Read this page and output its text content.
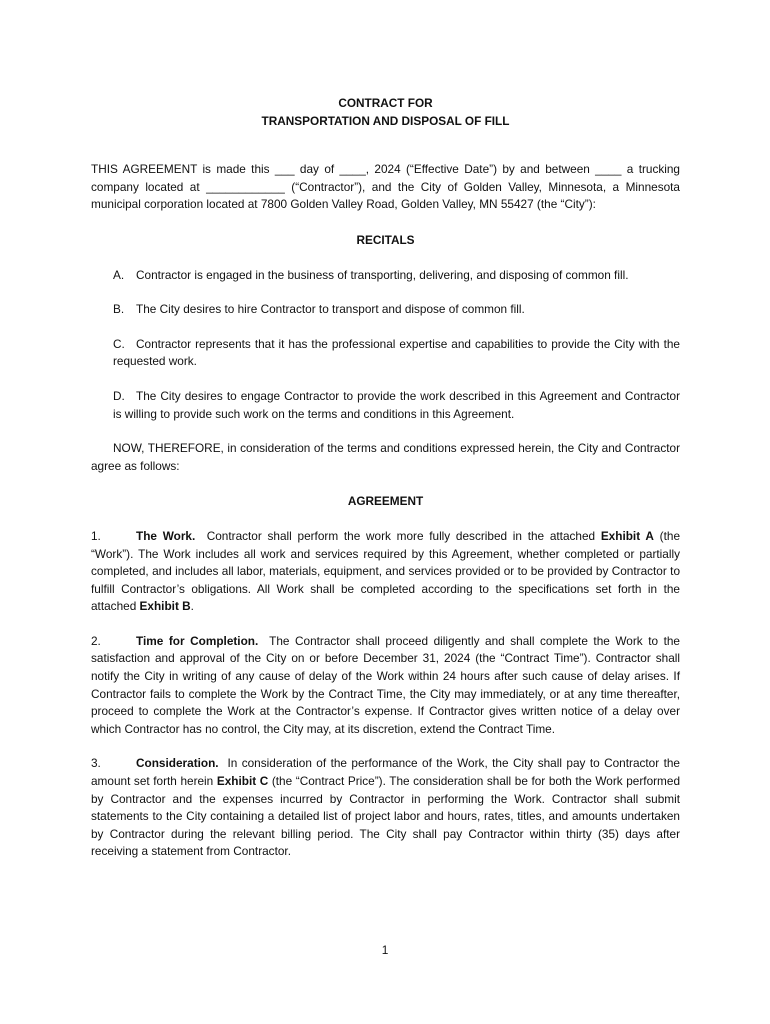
CONTRACT FOR
TRANSPORTATION AND DISPOSAL OF FILL

THIS AGREEMENT is made this ___ day of ____, 2024 (“Effective Date”) by and between ____ a trucking company located at ____________ (“Contractor”), and the City of Golden Valley, Minnesota, a Minnesota municipal corporation located at 7800 Golden Valley Road, Golden Valley, MN 55427 (the “City”):

RECITALS
A. Contractor is engaged in the business of transporting, delivering, and disposing of common fill.
B. The City desires to hire Contractor to transport and dispose of common fill.
C. Contractor represents that it has the professional expertise and capabilities to provide the City with the requested work.
D. The City desires to engage Contractor to provide the work described in this Agreement and Contractor is willing to provide such work on the terms and conditions in this Agreement.
NOW, THEREFORE, in consideration of the terms and conditions expressed herein, the City and Contractor agree as follows:
AGREEMENT
1.	The Work. Contractor shall perform the work more fully described in the attached Exhibit A (the “Work”). The Work includes all work and services required by this Agreement, whether completed or partially completed, and includes all labor, materials, equipment, and services provided or to be provided by Contractor to fulfill Contractor’s obligations. All Work shall be completed according to the specifications set forth in the attached Exhibit B.
2.	Time for Completion. The Contractor shall proceed diligently and shall complete the Work to the satisfaction and approval of the City on or before December 31, 2024 (the “Contract Time”). Contractor shall notify the City in writing of any cause of delay of the Work within 24 hours after such cause of delay arises. If Contractor fails to complete the Work by the Contract Time, the City may immediately, or at any time thereafter, proceed to complete the Work at the Contractor’s expense. If Contractor gives written notice of a delay over which Contractor has no control, the City may, at its discretion, extend the Contract Time.
3.	Consideration. In consideration of the performance of the Work, the City shall pay to Contractor the amount set forth herein Exhibit C (the “Contract Price”). The consideration shall be for both the Work performed by Contractor and the expenses incurred by Contractor in performing the Work. Contractor shall submit statements to the City containing a detailed list of project labor and hours, rates, titles, and amounts undertaken by Contractor during the relevant billing period. The City shall pay Contractor within thirty (35) days after receiving a statement from Contractor.
1
